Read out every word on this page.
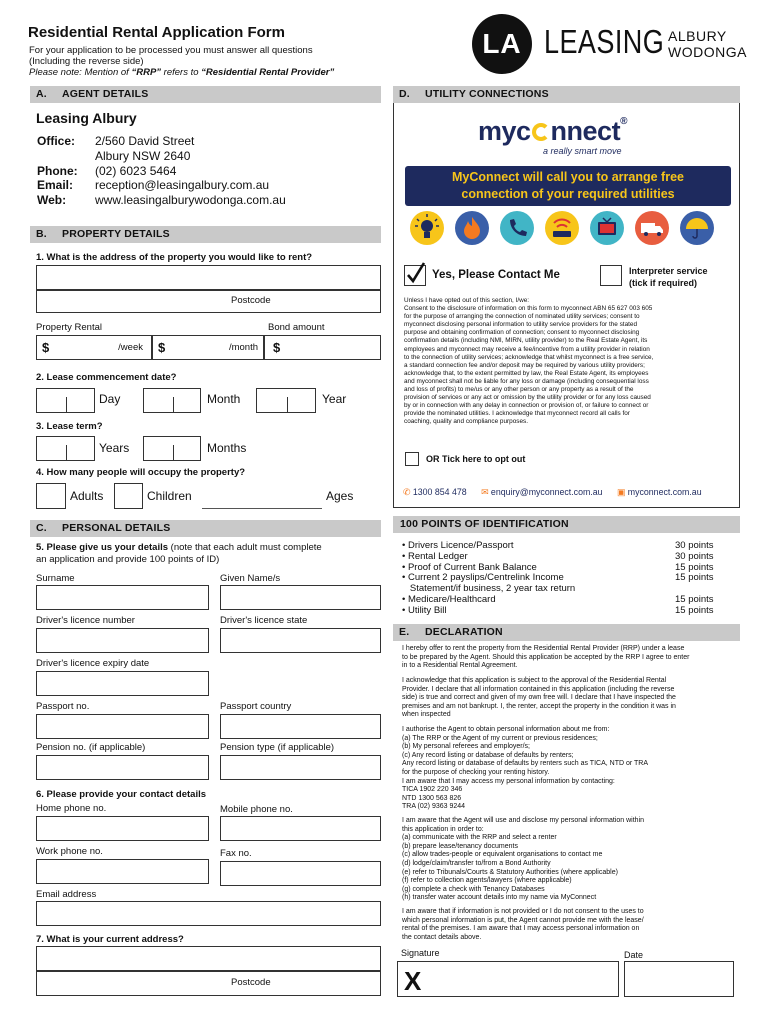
Residential Rental Application Form
For your application to be processed you must answer all questions
(Including the reverse side)
Please note: Mention of “RRP” refers to “Residential Rental Provider”
LA LEASING ALBURY
WODONGA
A. AGENT DETAILS
Leasing Albury
Office:	2/560 David Street
Albury NSW 2640
Phone:	(02) 6023 5464
Email:	reception@leasingalbury.com.au
Web:	www.leasingalburywodonga.com.au
B. PROPERTY DETAILS
1. What is the address of the property you would like to rent?
Postcode
Property Rental	Bond amount
$	/week $	/month $
2. Lease commencement date?
Day	Month	Year
3. Lease term?
Years	Months
4. How many people will occupy the property?
Adults	Children	Ages
C. PERSONAL DETAILS
5. Please give us your details (note that each adult must complete
an application and provide 100 points of ID)
Surname	Given Name/s
Driver's licence number	Driver's licence state
Driver's licence expiry date
Passport no.	Passport country
Pension no. (if applicable)	Pension type (if applicable)
6. Please provide your contact details
Home phone no.	Mobile phone no.
Work phone no.	Fax no.
Email address
7. What is your current address?
Postcode
D. UTILITY CONNECTIONS
myc nnect®
a really smart move
MyConnect will call you to arrange free
connection of your required utilities
Yes, Please Contact Me	Interpreter service
(tick if required)
Unless I have opted out of this section, I/we:
Consent to the disclosure of information on this form to myconnect ABN 65 627 003 605
for the purpose of arranging the connection of nominated utility services; consent to
myconnect disclosing personal information to utility service providers for the stated
purpose and obtaining confirmation of connection; consent to myconnect disclosing
confirmation details (including NMI, MIRN, utility provider) to the Real Estate Agent, its
employees and myconnect may receive a fee/incentive from a utility provider in relation
to the connection of utility services; acknowledge that whilst myconnect is a free service,
a standard connection fee and/or deposit may be required by various utility providers;
acknowledge that, to the extent permitted by law, the Real Estate Agent, its employees
and myconnect shall not be liable for any loss or damage (including consequential loss
and loss of profits) to me/us or any other person or any property as a result of the
provision of services or any act or omission by the utility provider or for any loss caused
by or in connection with any delay in connection or provision of, or failure to connect or
provide the nominated utilities. I acknowledge that myconnect record all calls for
coaching, quality and compliance purposes.
OR Tick here to opt out
✆ 1300 854 478 ✉ enquiry@myconnect.com.au ▣ myconnect.com.au
100 POINTS OF IDENTIFICATION
• Drivers Licence/Passport	30 points
• Rental Ledger	30 points
• Proof of Current Bank Balance	15 points
• Current 2 payslips/Centrelink Income	15 points
Statement/if business, 2 year tax return
• Medicare/Healthcard	15 points
• Utility Bill	15 points
E. DECLARATION
I hereby offer to rent the property from the Residential Rental Provider (RRP) under a lease
to be prepared by the Agent. Should this application be accepted by the RRP I agree to enter
in to a Residential Rental Agreement.
I acknowledge that this application is subject to the approval of the Residential Rental
Provider. I declare that all information contained in this application (including the reverse
side) is true and correct and given of my own free will. I declare that I have inspected the
premises and am not bankrupt. I, the renter, accept the property in the condition it was in
when inspected
I authorise the Agent to obtain personal information about me from:
(a) The RRP or the Agent of my current or previous residences;
(b) My personal referees and employer/s;
(c) Any record listing or database of defaults by renters;
Any record listing or database of defaults by renters such as TICA, NTD or TRA
for the purpose of checking your renting history.
I am aware that I may access my personal information by contacting:
TICA 1902 220 346
NTD 1300 563 826
TRA (02) 9363 9244
I am aware that the Agent will use and disclose my personal information within
this application in order to:
(a) communicate with the RRP and select a renter
(b) prepare lease/tenancy documents
(c) allow trades-people or equivalent organisations to contact me
(d) lodge/claim/transfer to/from a Bond Authority
(e) refer to Tribunals/Courts & Statutory Authorities (where applicable)
(f) refer to collection agents/lawyers (where applicable)
(g) complete a check with Tenancy Databases
(h) transfer water account details into my name via MyConnect
I am aware that if information is not provided or I do not consent to the uses to
which personal information is put, the Agent cannot provide me with the lease/
rental of the premises. I am aware that I may access personal information on
the contact details above.
Signature	Date
X
